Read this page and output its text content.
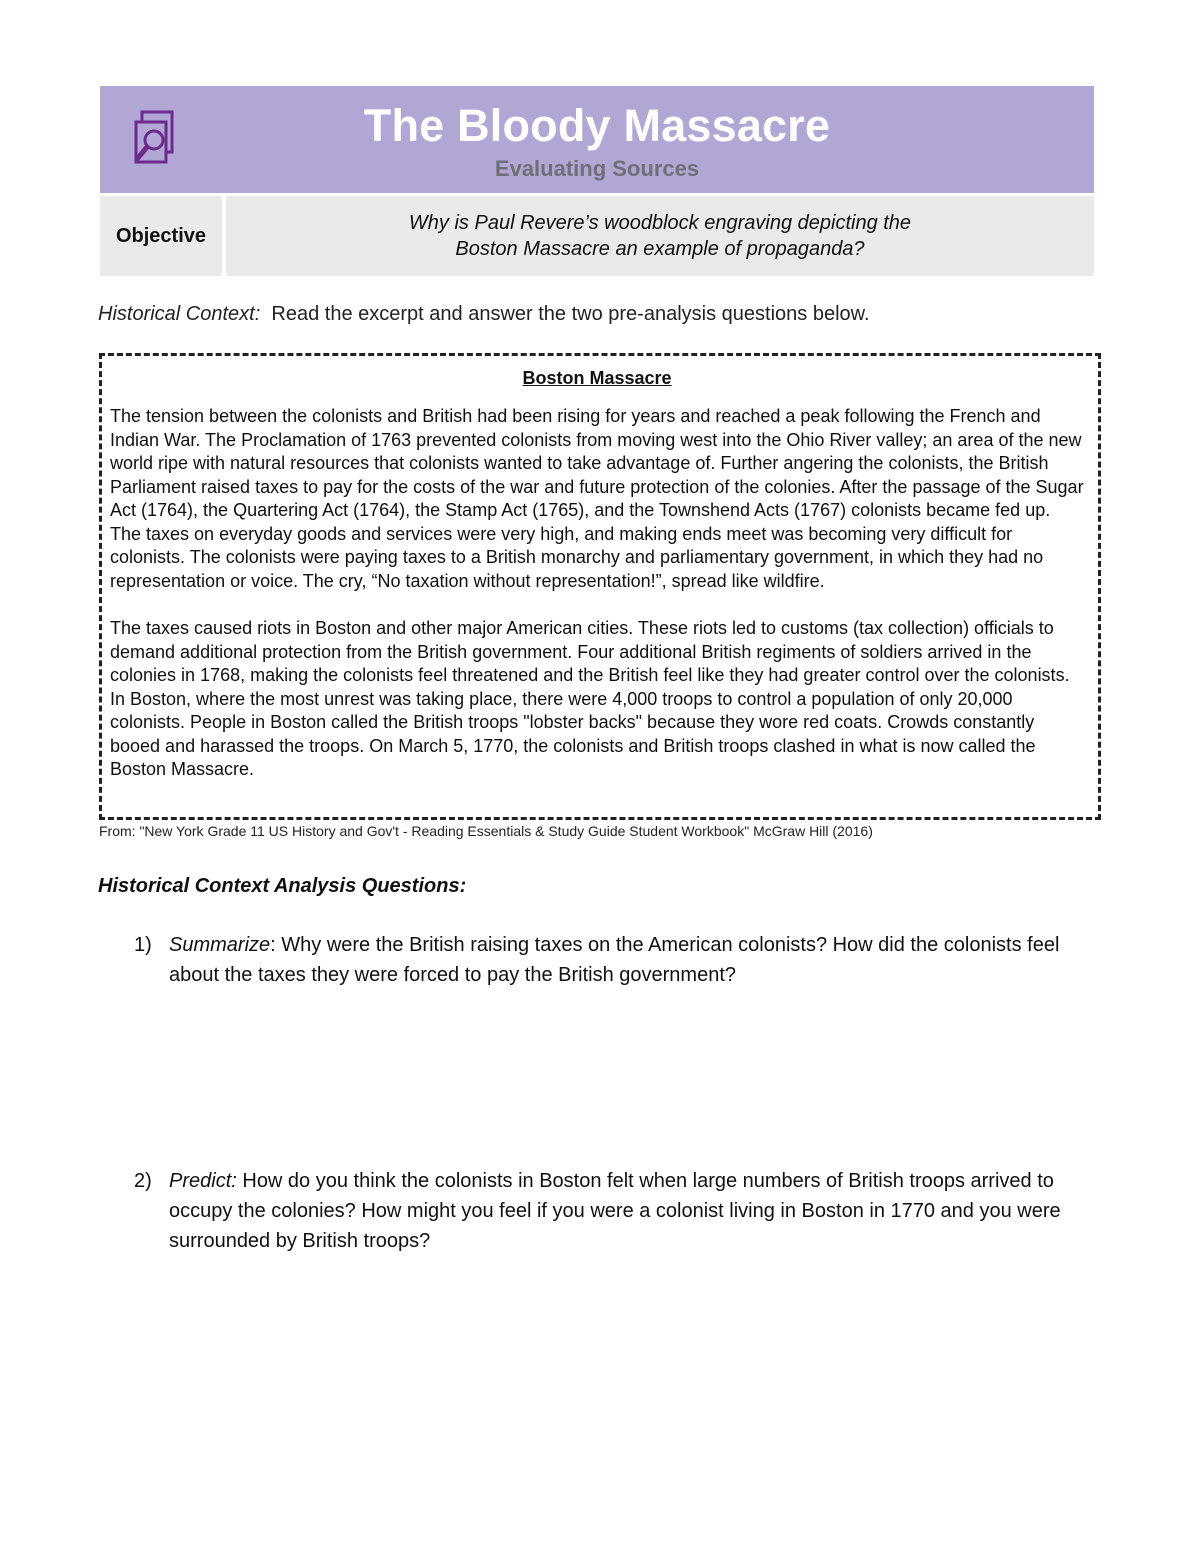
The Bloody Massacre
Evaluating Sources
Objective
Why is Paul Revere’s woodblock engraving depicting the
Boston Massacre an example of propaganda?
Historical Context: Read the excerpt and answer the two pre-analysis questions below.
Boston Massacre

The tension between the colonists and British had been rising for years and reached a peak following the French and Indian War. The Proclamation of 1763 prevented colonists from moving west into the Ohio River valley; an area of the new world ripe with natural resources that colonists wanted to take advantage of. Further angering the colonists, the British Parliament raised taxes to pay for the costs of the war and future protection of the colonies. After the passage of the Sugar Act (1764), the Quartering Act (1764), the Stamp Act (1765), and the Townshend Acts (1767) colonists became fed up. The taxes on everyday goods and services were very high, and making ends meet was becoming very difficult for colonists. The colonists were paying taxes to a British monarchy and parliamentary government, in which they had no representation or voice. The cry, “No taxation without representation!”, spread like wildfire.

The taxes caused riots in Boston and other major American cities. These riots led to customs (tax collection) officials to demand additional protection from the British government. Four additional British regiments of soldiers arrived in the colonies in 1768, making the colonists feel threatened and the British feel like they had greater control over the colonists. In Boston, where the most unrest was taking place, there were 4,000 troops to control a population of only 20,000 colonists. People in Boston called the British troops "lobster backs" because they wore red coats. Crowds constantly booed and harassed the troops. On March 5, 1770, the colonists and British troops clashed in what is now called the Boston Massacre.

From: "New York Grade 11 US History and Gov't - Reading Essentials & Study Guide Student Workbook" McGraw Hill (2016)
Historical Context Analysis Questions:
1) Summarize: Why were the British raising taxes on the American colonists? How did the colonists feel about the taxes they were forced to pay the British government?
2) Predict: How do you think the colonists in Boston felt when large numbers of British troops arrived to occupy the colonies? How might you feel if you were a colonist living in Boston in 1770 and you were surrounded by British troops?
